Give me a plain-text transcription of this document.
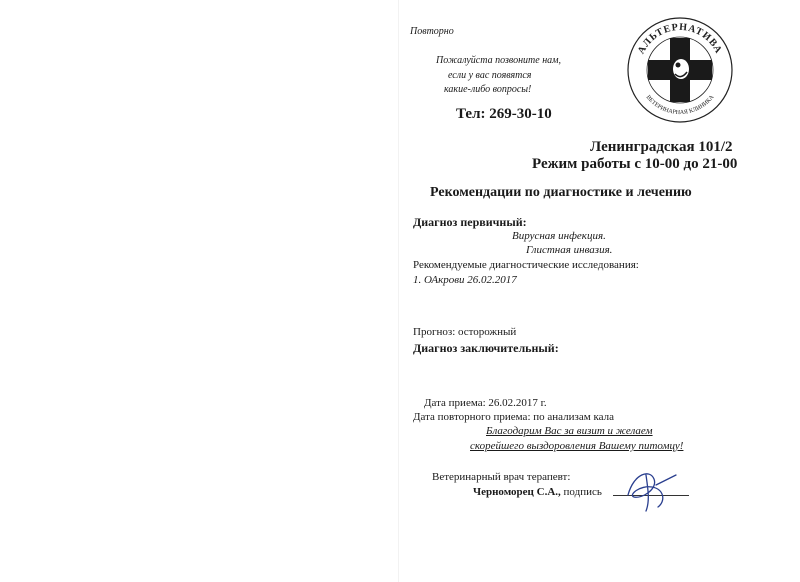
Повторно
Пожалуйста позвоните нам,
если у вас появятся
какие-либо вопросы!
Тел: 269-30-10
АЛЬТЕРНАТИВА
ВЕТЕРИНАРНАЯ КЛИНИКА
Ленинградская 101/2
Режим работы с 10-00 до 21-00
Рекомендации по диагностике и лечению
Диагноз первичный:
Вирусная инфекция.
Глистная инвазия.
Рекомендуемые диагностические исследования:
1. ОАкрови 26.02.2017
Прогноз: осторожный
Диагноз заключительный:
Дата приема: 26.02.2017 г.
Дата повторного приема: по анализам кала
Благодарим Вас за визит и желаем
скорейшего выздоровления Вашему питомцу!
Ветеринарный врач терапевт:
Черноморец С.А., подпись
